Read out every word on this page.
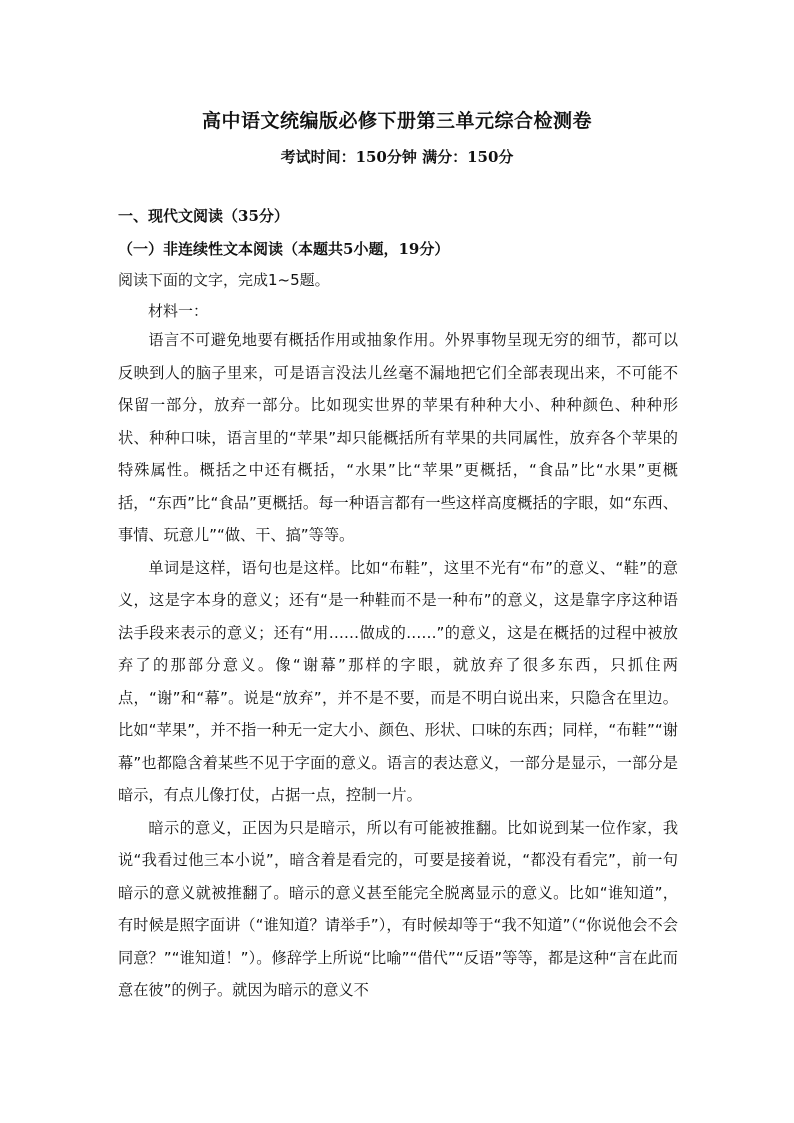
高中语文统编版必修下册第三单元综合检测卷
考试时间：150分钟 满分：150分
一、现代文阅读（35分）
（一）非连续性文本阅读（本题共5小题，19分）
阅读下面的文字，完成1~5题。
材料一：

语言不可避免地要有概括作用或抽象作用。外界事物呈现无穷的细节，都可以反映到人的脑子里来，可是语言没法儿丝毫不漏地把它们全部表现出来，不可能不保留一部分，放弃一部分。比如现实世界的苹果有种种大小、种种颜色、种种形状、种种口味，语言里的“苹果”却只能概括所有苹果的共同属性，放弃各个苹果的特殊属性。概括之中还有概括，“水果”比“苹果”更概括，“食品”比“水果”更概括，“东西”比“食品”更概括。每一种语言都有一些这样高度概括的字眼，如“东西、事情、玩意儿”“做、干、搞”等等。

单词是这样，语句也是这样。比如“布鞋”，这里不光有“布”的意义、“鞋”的意义，这是字本身的意义；还有“是一种鞋而不是一种布”的意义，这是靠字序这种语法手段来表示的意义；还有“用……做成的……”的意义，这是在概括的过程中被放弃了的那部分意义。像“谢幕”那样的字眼，就放弃了很多东西，只抓住两点，“谢”和“幕”。说是“放弃”，并不是不要，而是不明白说出来，只隐含在里边。比如“苹果”，并不指一种无一定大小、颜色、形状、口味的东西；同样，“布鞋”“谢幕”也都隐含着某些不见于字面的意义。语言的表达意义，一部分是显示，一部分是暗示，有点儿像打仗，占据一点，控制一片。

暗示的意义，正因为只是暗示，所以有可能被推翻。比如说到某一位作家，我说“我看过他三本小说”，暗含着是看完的，可要是接着说，“都没有看完”，前一句暗示的意义就被推翻了。暗示的意义甚至能完全脱离显示的意义。比如“谁知道”，有时候是照字面讲（“谁知道？请举手”），有时候却等于“我不知道”（“你说他会不会同意？”“谁知道！”）。修辞学上所说“比喻”“借代”“反语”等等，都是这种“言在此而意在彼”的例子。就因为暗示的意义不
